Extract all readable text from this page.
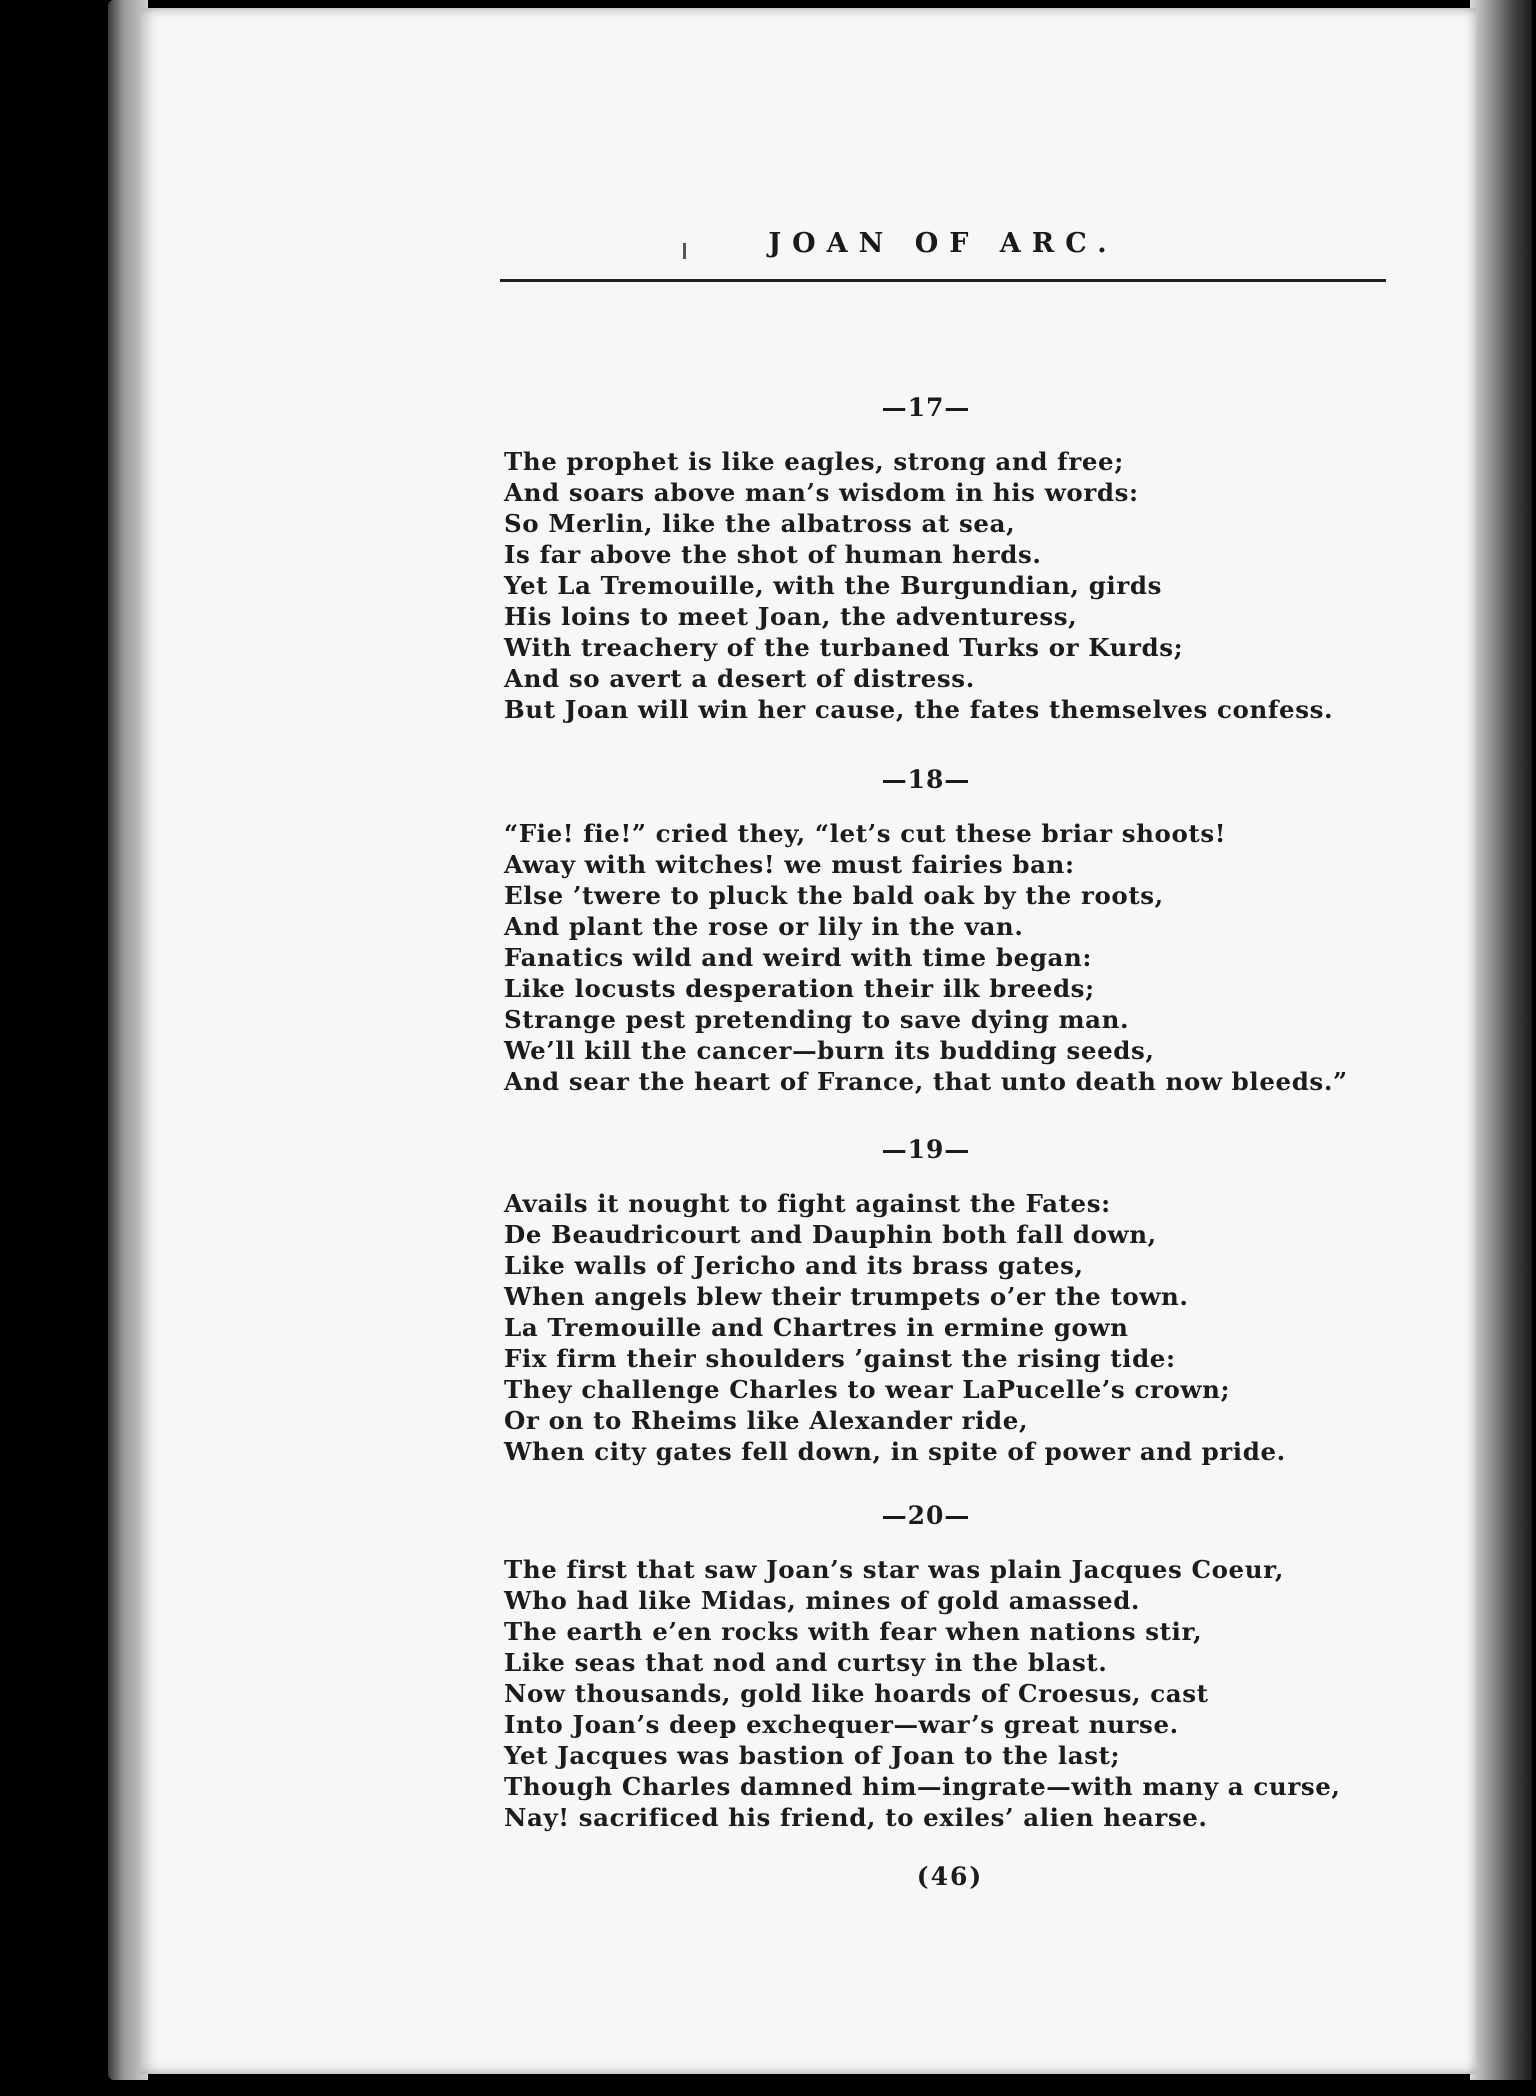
JOAN OF ARC.
—17—
The prophet is like eagles, strong and free;
And soars above man’s wisdom in his words:
So Merlin, like the albatross at sea,
Is far above the shot of human herds.
Yet La Tremouille, with the Burgundian, girds
His loins to meet Joan, the adventuress,
With treachery of the turbaned Turks or Kurds;
And so avert a desert of distress.
But Joan will win her cause, the fates themselves confess.
—18—
“Fie! fie!” cried they, “let’s cut these briar shoots!
Away with witches! we must fairies ban:
Else ’twere to pluck the bald oak by the roots,
And plant the rose or lily in the van.
Fanatics wild and weird with time began:
Like locusts desperation their ilk breeds;
Strange pest pretending to save dying man.
We’ll kill the cancer—burn its budding seeds,
And sear the heart of France, that unto death now bleeds.”
—19—
Avails it nought to fight against the Fates:
De Beaudricourt and Dauphin both fall down,
Like walls of Jericho and its brass gates,
When angels blew their trumpets o’er the town.
La Tremouille and Chartres in ermine gown
Fix firm their shoulders ’gainst the rising tide:
They challenge Charles to wear LaPucelle’s crown;
Or on to Rheims like Alexander ride,
When city gates fell down, in spite of power and pride.
—20—
The first that saw Joan’s star was plain Jacques Coeur,
Who had like Midas, mines of gold amassed.
The earth e’en rocks with fear when nations stir,
Like seas that nod and curtsy in the blast.
Now thousands, gold like hoards of Croesus, cast
Into Joan’s deep exchequer—war’s great nurse.
Yet Jacques was bastion of Joan to the last;
Though Charles damned him—ingrate—with many a curse,
Nay! sacrificed his friend, to exiles’ alien hearse.
(46)
